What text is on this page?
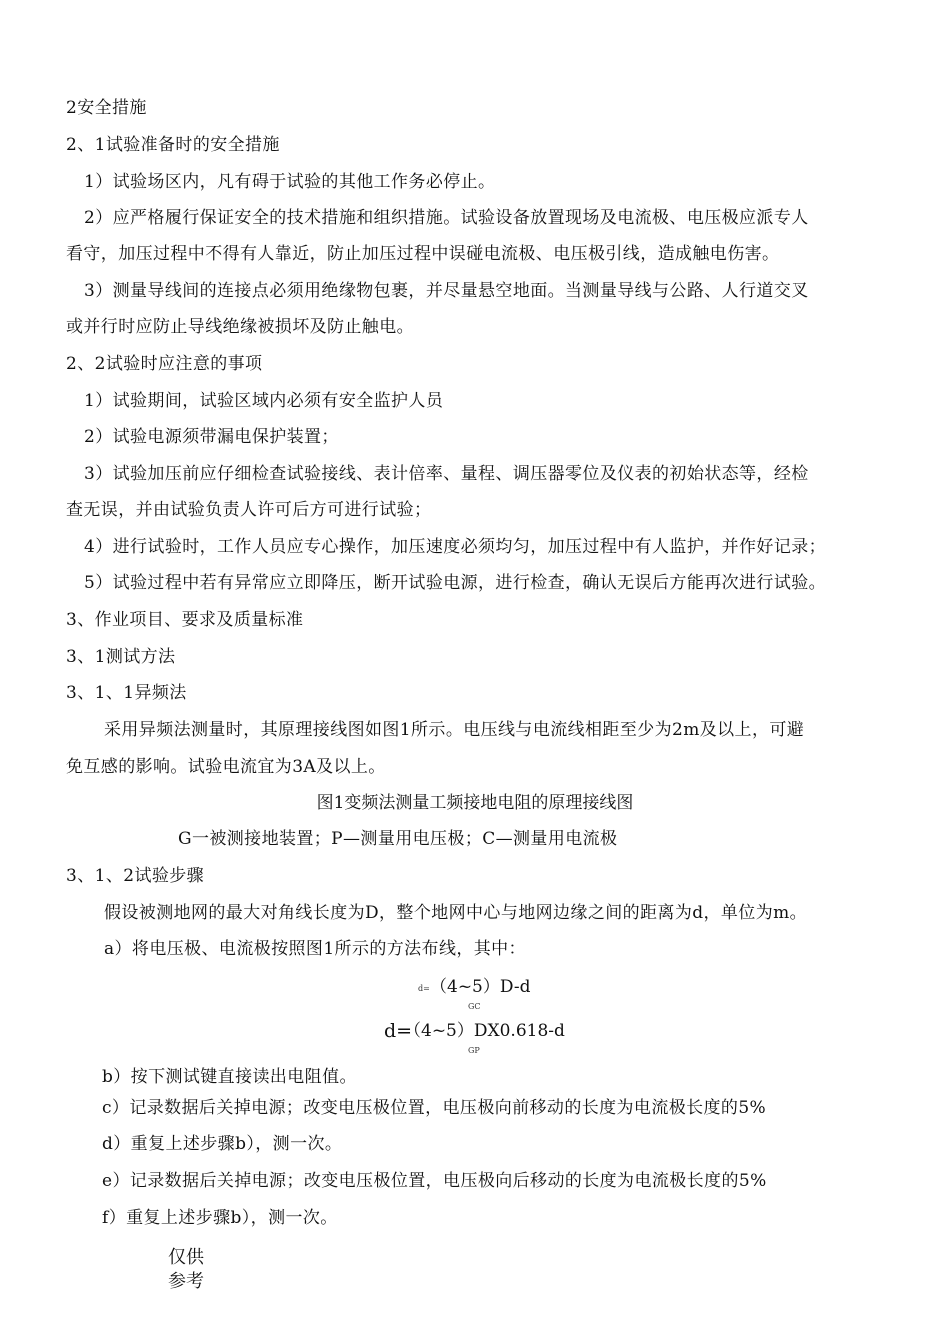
2安全措施
2、1试验准备时的安全措施
1）试验场区内，凡有碍于试验的其他工作务必停止。
2）应严格履行保证安全的技术措施和组织措施。试验设备放置现场及电流极、电压极应派专人
看守，加压过程中不得有人靠近，防止加压过程中误碰电流极、电压极引线，造成触电伤害。
3）测量导线间的连接点必须用绝缘物包裹，并尽量悬空地面。当测量导线与公路、人行道交叉
或并行时应防止导线绝缘被损坏及防止触电。
2、2试验时应注意的事项
1）试验期间，试验区域内必须有安全监护人员
2）试验电源须带漏电保护装置；
3）试验加压前应仔细检查试验接线、表计倍率、量程、调压器零位及仪表的初始状态等，经检
查无误，并由试验负责人许可后方可进行试验；
4）进行试验时，工作人员应专心操作，加压速度必须均匀，加压过程中有人监护，并作好记录；
5）试验过程中若有异常应立即降压，断开试验电源，进行检查，确认无误后方能再次进行试验。
3、作业项目、要求及质量标准
3、1测试方法
3、1、1异频法
采用异频法测量时，其原理接线图如图1所示。电压线与电流线相距至少为2m及以上，可避
免互感的影响。试验电流宜为3A及以上。
图1变频法测量工频接地电阻的原理接线图
G一被测接地装置；P—测量用电压极；C—测量用电流极
3、1、2试验步骤
假设被测地网的最大对角线长度为D，整个地网中心与地网边缘之间的距离为d，单位为m。
a）将电压极、电流极按照图1所示的方法布线，其中：
d= （4~5）D-d
GC
d=
（4~5）DX0.618-d
GP
b）按下测试键直接读出电阻值。
c）记录数据后关掉电源；改变电压极位置，电压极向前移动的长度为电流极长度的5%
d）重复上述步骤b），测一次。
e）记录数据后关掉电源；改变电压极位置，电压极向后移动的长度为电流极长度的5%
f）重复上述步骤b），测一次。
仅供
参考
